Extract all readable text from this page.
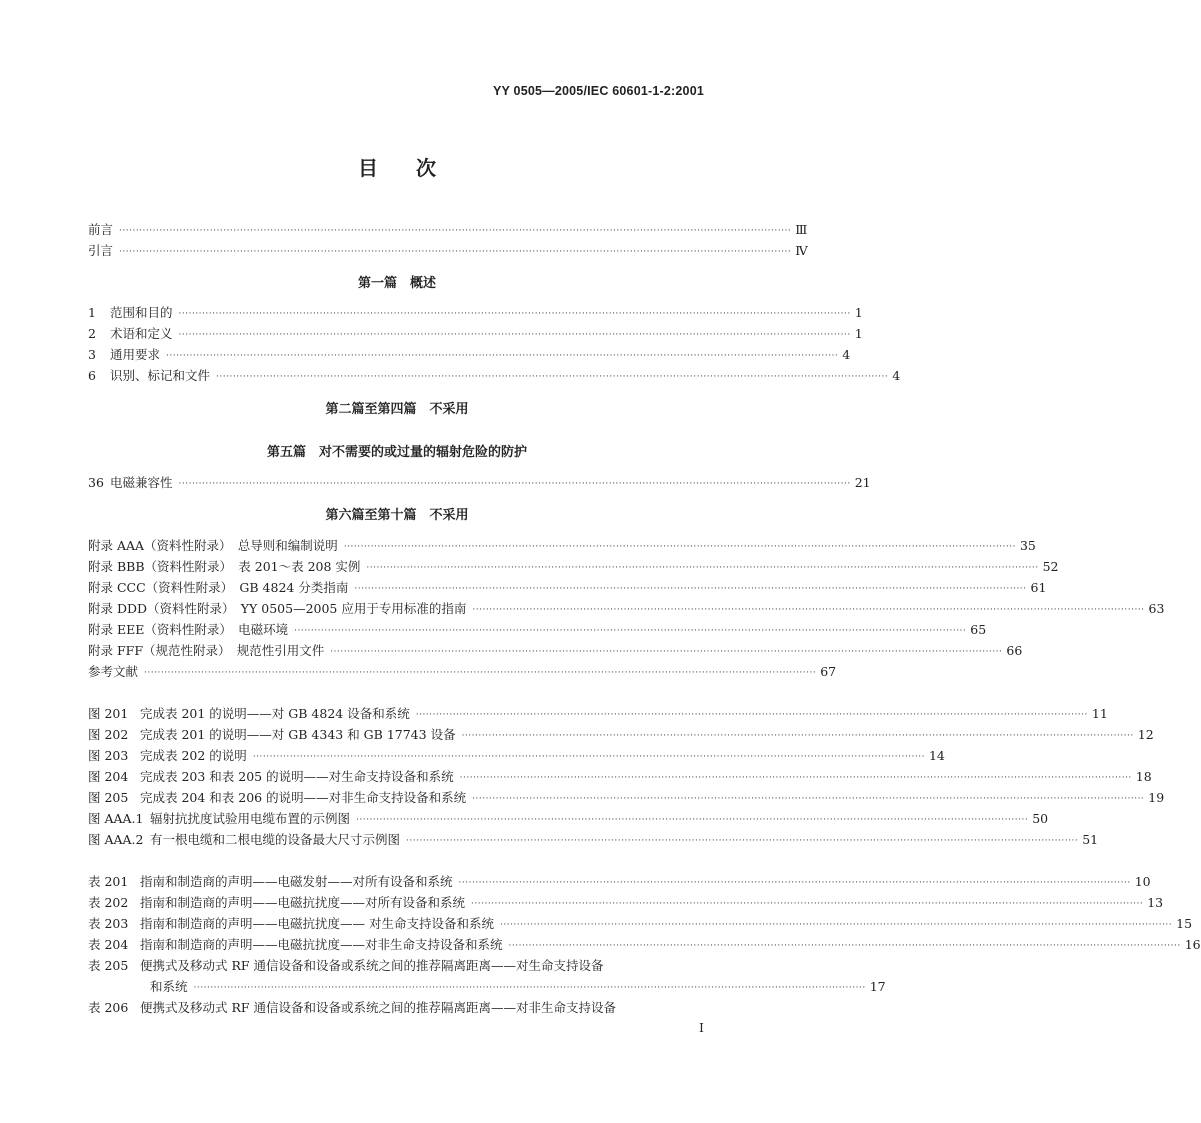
YY 0505—2005/IEC 60601-1-2:2001
目次
前言 ········································································································································································································ Ⅲ
引言 ········································································································································································································ Ⅳ
第一篇　概述
1 范围和目的 ········································································································································································································ 1
2 术语和定义 ········································································································································································································ 1
3 通用要求 ········································································································································································································ 4
6 识别、标记和文件 ········································································································································································································ 4
第二篇至第四篇　不采用
第五篇　对不需要的或过量的辐射危险的防护
36 电磁兼容性 ········································································································································································································ 21
第六篇至第十篇　不采用
附录 AAA（资料性附录）　总导则和编制说明 ········································································································································································································ 35
附录 BBB（资料性附录）　表 201～表 208 实例 ········································································································································································································ 52
附录 CCC（资料性附录）　GB 4824 分类指南 ········································································································································································································ 61
附录 DDD（资料性附录）　YY 0505—2005 应用于专用标准的指南 ········································································································································································································ 63
附录 EEE（资料性附录）　电磁环境 ········································································································································································································ 65
附录 FFF（规范性附录）　规范性引用文件 ········································································································································································································ 66
参考文献 ········································································································································································································ 67
图 201 完成表 201 的说明——对 GB 4824 设备和系统 ········································································································································································································ 11
图 202 完成表 201 的说明——对 GB 4343 和 GB 17743 设备 ········································································································································································································ 12
图 203 完成表 202 的说明 ········································································································································································································ 14
图 204 完成表 203 和表 205 的说明——对生命支持设备和系统 ········································································································································································································ 18
图 205 完成表 204 和表 206 的说明——对非生命支持设备和系统 ········································································································································································································ 19
图 AAA.1 辐射抗扰度试验用电缆布置的示例图 ········································································································································································································ 50
图 AAA.2 有一根电缆和二根电缆的设备最大尺寸示例图 ········································································································································································································ 51
表 201 指南和制造商的声明——电磁发射——对所有设备和系统 ········································································································································································································ 10
表 202 指南和制造商的声明——电磁抗扰度——对所有设备和系统 ········································································································································································································ 13
表 203 指南和制造商的声明——电磁抗扰度—— 对生命支持设备和系统 ········································································································································································································ 15
表 204 指南和制造商的声明——电磁抗扰度——对非生命支持设备和系统 ········································································································································································································ 16
表 205 便携式及移动式 RF 通信设备和设备或系统之间的推荐隔离距离——对生命支持设备
和系统 ········································································································································································································ 17
表 206 便携式及移动式 RF 通信设备和设备或系统之间的推荐隔离距离——对非生命支持设备
I
